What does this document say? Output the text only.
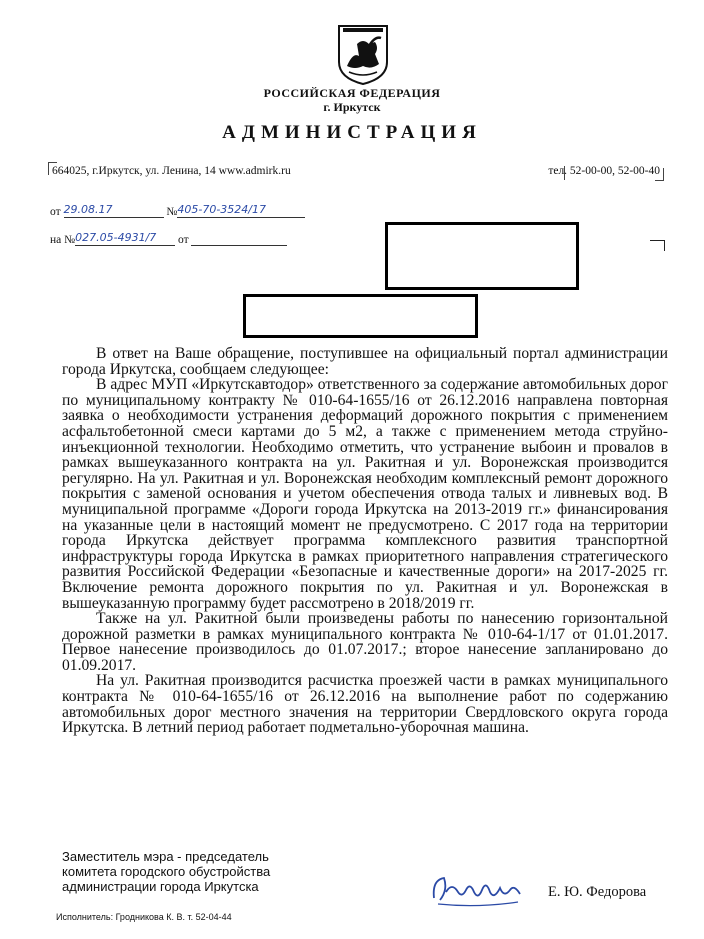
РОССИЙСКАЯ ФЕДЕРАЦИЯ
г. Иркутск
АДМИНИСТРАЦИЯ
664025, г.Иркутск, ул. Ленина, 14 www.admirk.ru	тел. 52-00-00, 52-00-40
от 29.08.17	№405-70-3524/17
на №027.05-4931/7 от

В ответ на Ваше обращение, поступившее на официальный портал администрации города Иркутска, сообщаем следующее:

В адрес МУП «Иркутскавтодор» ответственного за содержание автомобильных дорог по муниципальному контракту № 010-64-1655/16 от 26.12.2016 направлена повторная заявка о необходимости устранения деформаций дорожного покрытия с применением асфальтобетонной смеси картами до 5 м2, а также с применением метода струйно-инъекционной технологии. Необходимо отметить, что устранение выбоин и провалов в рамках вышеуказанного контракта на ул. Ракитная и ул. Воронежская производится регулярно. На ул. Ракитная и ул. Воронежская необходим комплексный ремонт дорожного покрытия с заменой основания и учетом обеспечения отвода талых и ливневых вод. В муниципальной программе «Дороги города Иркутска на 2013-2019 гг.» финансирования на указанные цели в настоящий момент не предусмотрено. С 2017 года на территории города Иркутска действует программа комплексного развития транспортной инфраструктуры города Иркутска в рамках приоритетного направления стратегического развития Российской Федерации «Безопасные и качественные дороги» на 2017-2025 гг. Включение ремонта дорожного покрытия по ул. Ракитная и ул. Воронежская в вышеуказанную программу будет рассмотрено в 2018/2019 гг.

Также на ул. Ракитной были произведены работы по нанесению горизонтальной дорожной разметки в рамках муниципального контракта № 010-64-1/17 от 01.01.2017. Первое нанесение производилось до 01.07.2017.; второе нанесение запланировано до 01.09.2017.

На ул. Ракитная производится расчистка проезжей части в рамках муниципального контракта № 010-64-1655/16 от 26.12.2016 на выполнение работ по содержанию автомобильных дорог местного значения на территории Свердловского округа города Иркутска. В летний период работает подметально-уборочная машина.

Заместитель мэра - председатель
комитета городского обустройства
администрации города Иркутска	Е. Ю. Федорова
Исполнитель: Гродникова К. В. т. 52-04-44
